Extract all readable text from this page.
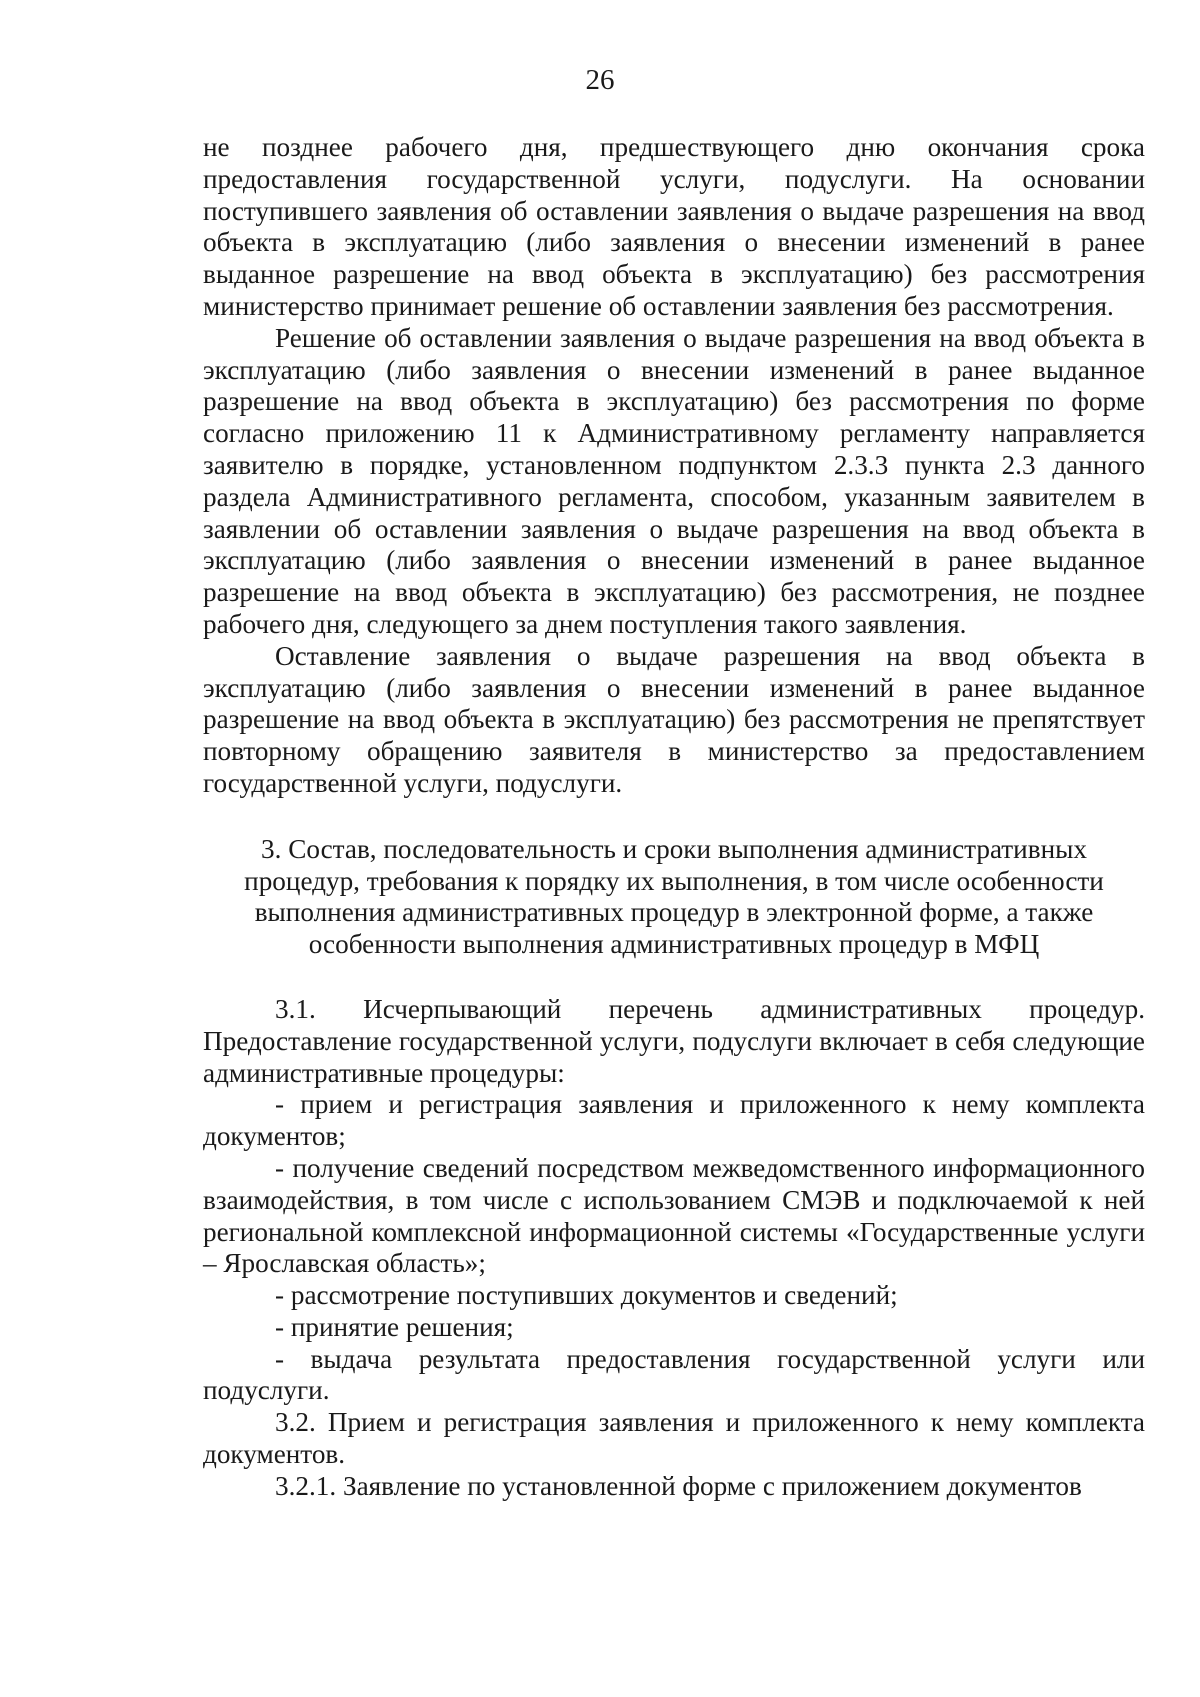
26

не позднее рабочего дня, предшествующего дню окончания срока предоставления государственной услуги, подуслуги. На основании поступившего заявления об оставлении заявления о выдаче разрешения на ввод объекта в эксплуатацию (либо заявления о внесении изменений в ранее выданное разрешение на ввод объекта в эксплуатацию) без рассмотрения министерство принимает решение об оставлении заявления без рассмотрения.

Решение об оставлении заявления о выдаче разрешения на ввод объекта в эксплуатацию (либо заявления о внесении изменений в ранее выданное разрешение на ввод объекта в эксплуатацию) без рассмотрения по форме согласно приложению 11 к Административному регламенту направляется заявителю в порядке, установленном подпунктом 2.3.3 пункта 2.3 данного раздела Административного регламента, способом, указанным заявителем в заявлении об оставлении заявления о выдаче разрешения на ввод объекта в эксплуатацию (либо заявления о внесении изменений в ранее выданное разрешение на ввод объекта в эксплуатацию) без рассмотрения, не позднее рабочего дня, следующего за днем поступления такого заявления.

Оставление заявления о выдаче разрешения на ввод объекта в эксплуатацию (либо заявления о внесении изменений в ранее выданное разрешение на ввод объекта в эксплуатацию) без рассмотрения не препятствует повторному обращению заявителя в министерство за предоставлением государственной услуги, подуслуги.

3. Состав, последовательность и сроки выполнения административных
процедур, требования к порядку их выполнения, в том числе особенности
выполнения административных процедур в электронной форме, а также
особенности выполнения административных процедур в МФЦ

3.1. Исчерпывающий перечень административных процедур. Предоставление государственной услуги, подуслуги включает в себя следующие административные процедуры:

- прием и регистрация заявления и приложенного к нему комплекта документов;

- получение сведений посредством межведомственного информационного взаимодействия, в том числе с использованием СМЭВ и подключаемой к ней региональной комплексной информационной системы «Государственные услуги – Ярославская область»;

- рассмотрение поступивших документов и сведений;

- принятие решения;

- выдача результата предоставления государственной услуги или подуслуги.

3.2. Прием и регистрация заявления и приложенного к нему комплекта документов.

3.2.1. Заявление по установленной форме с приложением документов
